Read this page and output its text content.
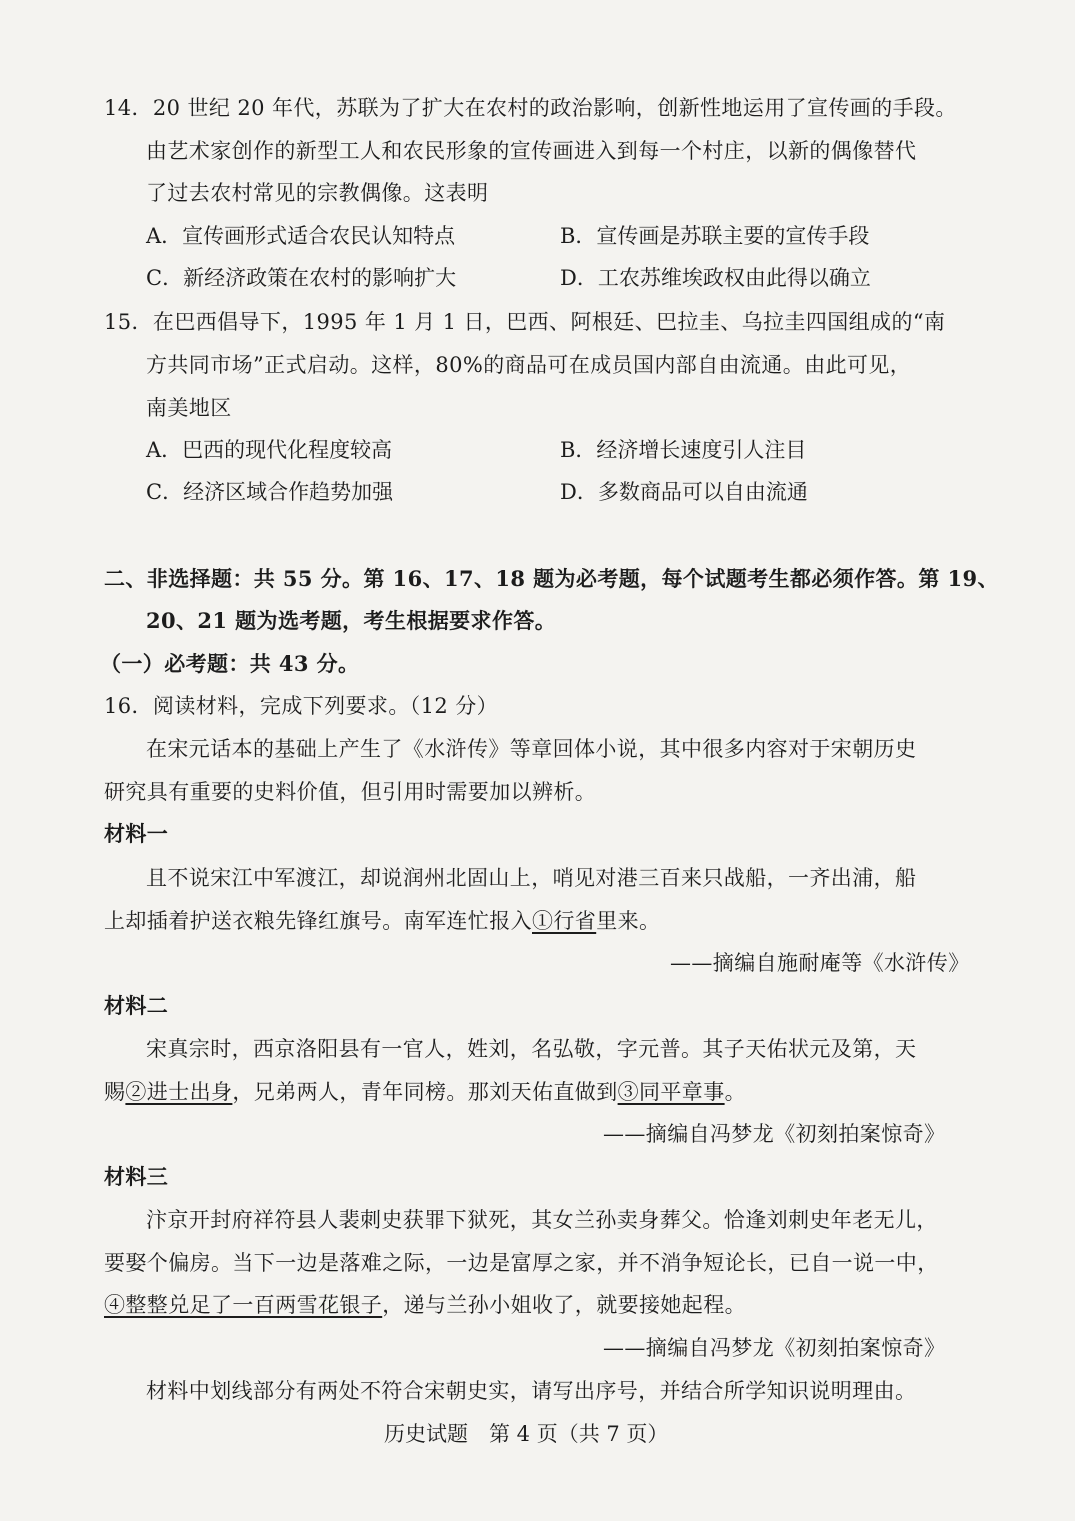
14．20 世纪 20 年代，苏联为了扩大在农村的政治影响，创新性地运用了宣传画的手段。
由艺术家创作的新型工人和农民形象的宣传画进入到每一个村庄，以新的偶像替代
了过去农村常见的宗教偶像。这表明
A．宣传画形式适合农民认知特点	B．宣传画是苏联主要的宣传手段
C．新经济政策在农村的影响扩大	D．工农苏维埃政权由此得以确立
15．在巴西倡导下，1995 年 1 月 1 日，巴西、阿根廷、巴拉圭、乌拉圭四国组成的“南
方共同市场”正式启动。这样，80%的商品可在成员国内部自由流通。由此可见，
南美地区
A．巴西的现代化程度较高	B．经济增长速度引人注目
C．经济区域合作趋势加强	D．多数商品可以自由流通
二、非选择题：共 55 分。第 16、17、18 题为必考题，每个试题考生都必须作答。第 19、
20、21 题为选考题，考生根据要求作答。
（一）必考题：共 43 分。
16．阅读材料，完成下列要求。（12 分）
在宋元话本的基础上产生了《水浒传》等章回体小说，其中很多内容对于宋朝历史
研究具有重要的史料价值，但引用时需要加以辨析。
材料一
且不说宋江中军渡江，却说润州北固山上，哨见对港三百来只战船，一齐出浦，船
上却插着护送衣粮先锋红旗号。南军连忙报入①行省里来。
——摘编自施耐庵等《水浒传》
材料二
宋真宗时，西京洛阳县有一官人，姓刘，名弘敬，字元普。其子天佑状元及第，天
赐②进士出身，兄弟两人，青年同榜。那刘天佑直做到③同平章事。
——摘编自冯梦龙《初刻拍案惊奇》
材料三
汴京开封府祥符县人裴刺史获罪下狱死，其女兰孙卖身葬父。恰逢刘刺史年老无儿，
要娶个偏房。当下一边是落难之际，一边是富厚之家，并不消争短论长，已自一说一中，
④整整兑足了一百两雪花银子，递与兰孙小姐收了，就要接她起程。
——摘编自冯梦龙《初刻拍案惊奇》
材料中划线部分有两处不符合宋朝史实，请写出序号，并结合所学知识说明理由。
历史试题　第 4 页（共 7 页）
